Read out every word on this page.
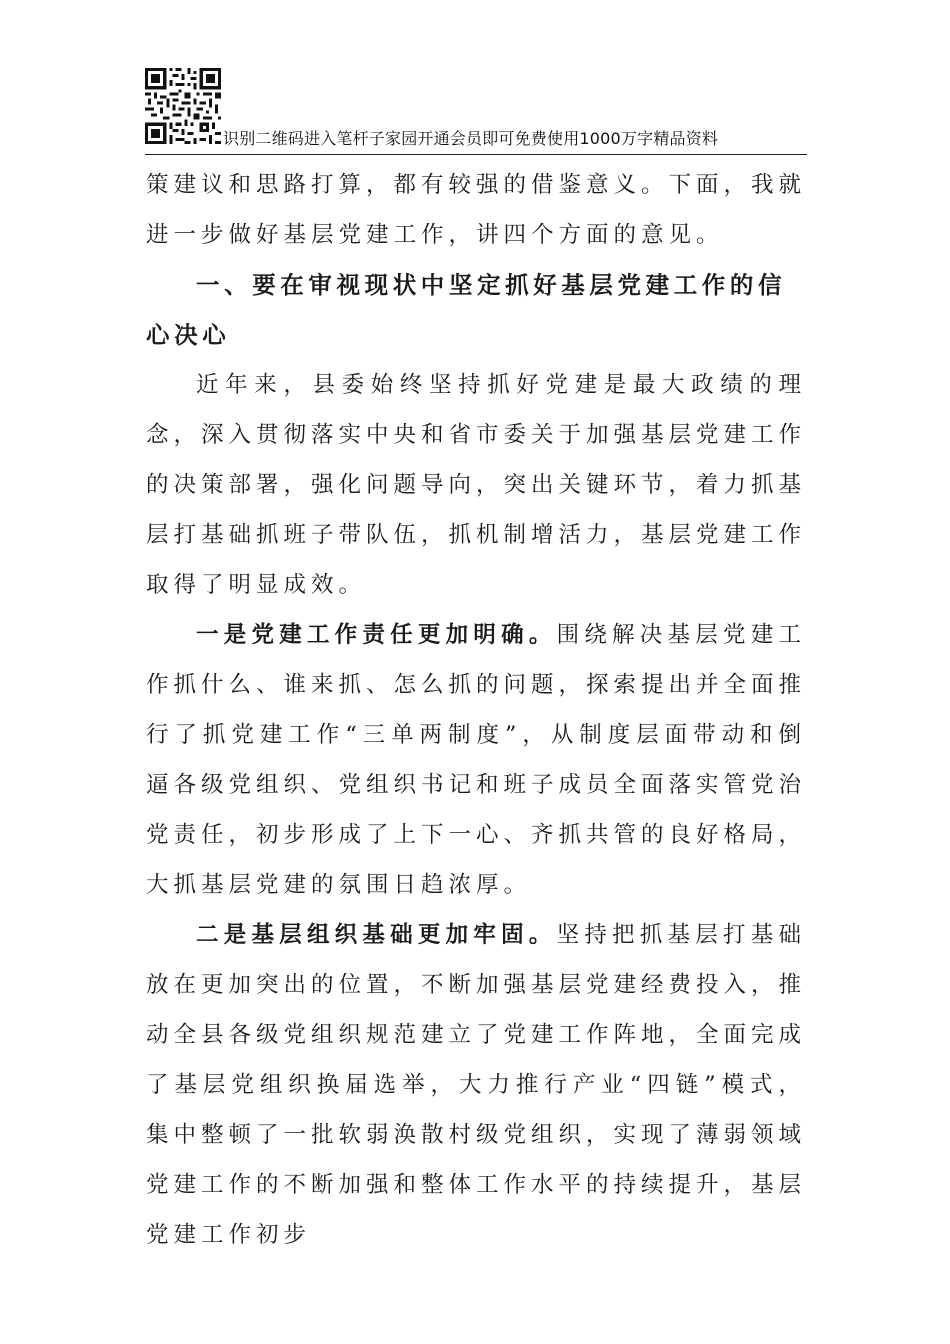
识别二维码进入笔杆子家园开通会员即可免费使用1000万字精品资料

策建议和思路打算，都有较强的借鉴意义。下面，我就进一步做好基层党建工作，讲四个方面的意见。

一、要在审视现状中坚定抓好基层党建工作的信心决心

近年来，县委始终坚持抓好党建是最大政绩的理念，深入贯彻落实中央和省市委关于加强基层党建工作的决策部署，强化问题导向，突出关键环节，着力抓基层打基础抓班子带队伍，抓机制增活力，基层党建工作取得了明显成效。

一是党建工作责任更加明确。围绕解决基层党建工作抓什么、谁来抓、怎么抓的问题，探索提出并全面推行了抓党建工作“三单两制度”，从制度层面带动和倒逼各级党组织、党组织书记和班子成员全面落实管党治党责任，初步形成了上下一心、齐抓共管的良好格局，大抓基层党建的氛围日趋浓厚。

二是基层组织基础更加牢固。坚持把抓基层打基础放在更加突出的位置，不断加强基层党建经费投入，推动全县各级党组织规范建立了党建工作阵地，全面完成了基层党组织换届选举，大力推行产业“四链”模式，集中整顿了一批软弱涣散村级党组织，实现了薄弱领域党建工作的不断加强和整体工作水平的持续提升，基层党建工作初步
